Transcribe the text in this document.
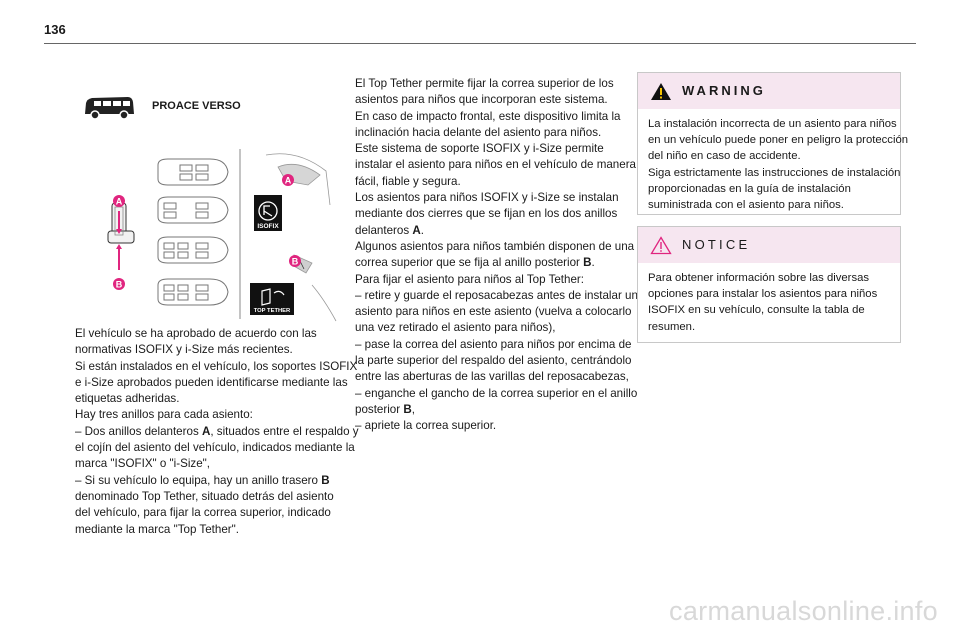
136
PROACE VERSO
A
B
A
B
ISOFIX
TOP TETHER

El vehículo se ha aprobado de acuerdo con las

normativas ISOFIX y i-Size más recientes.

Si están instalados en el vehículo, los soportes ISOFIX

e i-Size aprobados pueden identificarse mediante las

etiquetas adheridas.

Hay tres anillos para cada asiento:

– Dos anillos delanteros A, situados entre el respaldo y

el cojín del asiento del vehículo, indicados mediante la

marca "ISOFIX" o "i-Size",

– Si su vehículo lo equipa, hay un anillo trasero B

denominado Top Tether, situado detrás del asiento

del vehículo, para fijar la correa superior, indicado

mediante la marca "Top Tether".

El Top Tether permite fijar la correa superior de los

asientos para niños que incorporan este sistema.

En caso de impacto frontal, este dispositivo limita la

inclinación hacia delante del asiento para niños.

Este sistema de soporte ISOFIX y i-Size permite

instalar el asiento para niños en el vehículo de manera

fácil, fiable y segura.

Los asientos para niños ISOFIX y i-Size se instalan

mediante dos cierres que se fijan en los dos anillos

delanteros A.

Algunos asientos para niños también disponen de una

correa superior que se fija al anillo posterior B.

Para fijar el asiento para niños al Top Tether:

– retire y guarde el reposacabezas antes de instalar un

asiento para niños en este asiento (vuelva a colocarlo

una vez retirado el asiento para niños),

– pase la correa del asiento para niños por encima de

la parte superior del respaldo del asiento, centrándolo

entre las aberturas de las varillas del reposacabezas,

– enganche el gancho de la correa superior en el anillo

posterior B,

– apriete la correa superior.

WARNING

La instalación incorrecta de un asiento para niños

en un vehículo puede poner en peligro la protección

del niño en caso de accidente.

Siga estrictamente las instrucciones de instalación

proporcionadas en la guía de instalación

suministrada con el asiento para niños.

NOTICE

Para obtener información sobre las diversas

opciones para instalar los asientos para niños

ISOFIX en su vehículo, consulte la tabla de

resumen.

carmanualsonline.info
